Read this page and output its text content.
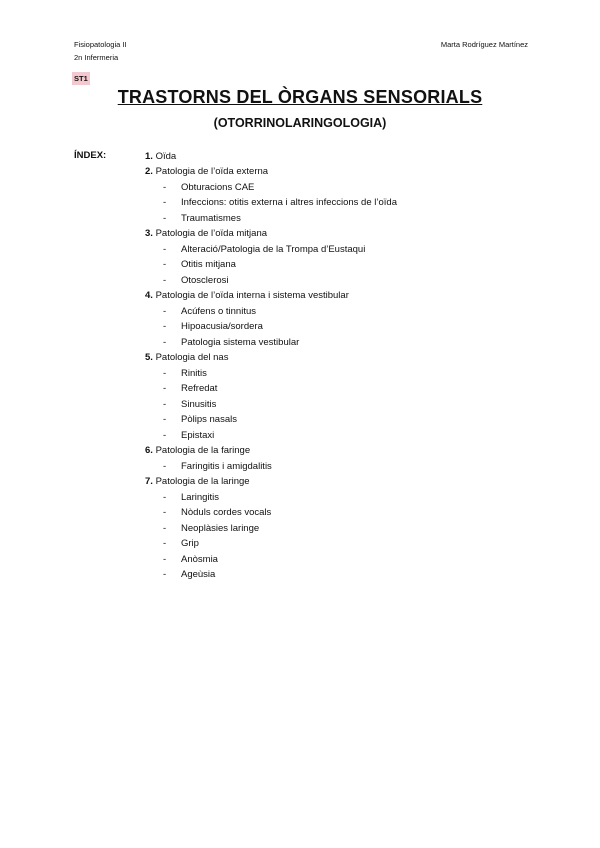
Fisiopatologia II
2n Infermeria
Marta Rodríguez Martínez
ST1
TRASTORNS DEL ÒRGANS SENSORIALS
(OTORRINOLARINGOLOGIA)
ÍNDEX:	1. Oïda
2. Patologia de l’oïda externa
- Obturacions CAE
- Infeccions: otitis externa i altres infeccions de l’oïda
- Traumatismes
3. Patologia de l’oïda mitjana
- Alteració/Patologia de la Trompa d’Eustaqui
- Otitis mitjana
- Otosclerosi
4. Patologia de l’oïda interna i sistema vestibular
- Acúfens o tinnitus
- Hipoacusia/sordera
- Patologia sistema vestibular
5. Patologia del nas
- Rinitis
- Refredat
- Sinusitis
- Pòlips nasals
- Epistaxi
6. Patologia de la faringe
- Faringitis i amigdalitis
7. Patologia de la laringe
- Laringitis
- Nòduls cordes vocals
- Neoplàsies laringe
- Grip
- Anòsmia
- Ageùsia
